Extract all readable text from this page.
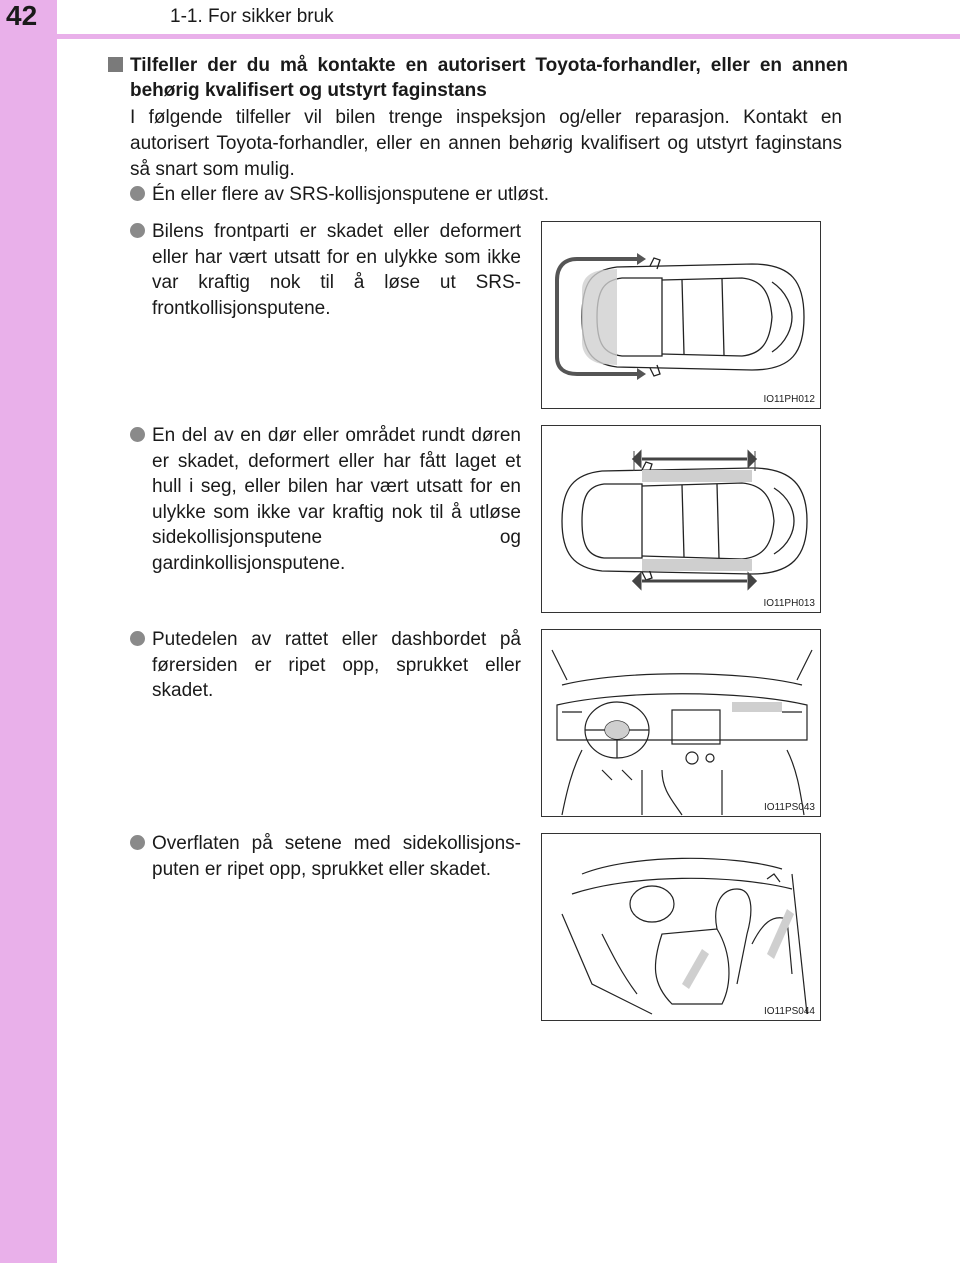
42	1-1. For sikker bruk
Tilfeller der du må kontakte en autorisert Toyota-forhandler, eller en annen behørig kvalifisert og utstyrt faginstans
I følgende tilfeller vil bilen trenge inspeksjon og/eller reparasjon. Kontakt en autorisert Toyota-forhandler, eller en annen behørig kvalifisert og utstyrt faginstans så snart som mulig.
Én eller flere av SRS-kollisjonsputene er utløst.
Bilens frontparti er skadet eller deformert eller har vært utsatt for en ulykke som ikke var kraftig nok til å løse ut SRS-frontkollisjonsputene.
En del av en dør eller området rundt døren er skadet, deformert eller har fått laget et hull i seg, eller bilen har vært utsatt for en ulykke som ikke var kraftig nok til å utløse sidekollisjonsputene og gardinkollisjonsputene.
Putedelen av rattet eller dashbordet på førersiden er ripet opp, sprukket eller skadet.
Overflaten på setene med sidekollisjons-puten er ripet opp, sprukket eller skadet.
IO11PH012
IO11PH013
IO11PS043
IO11PS044
